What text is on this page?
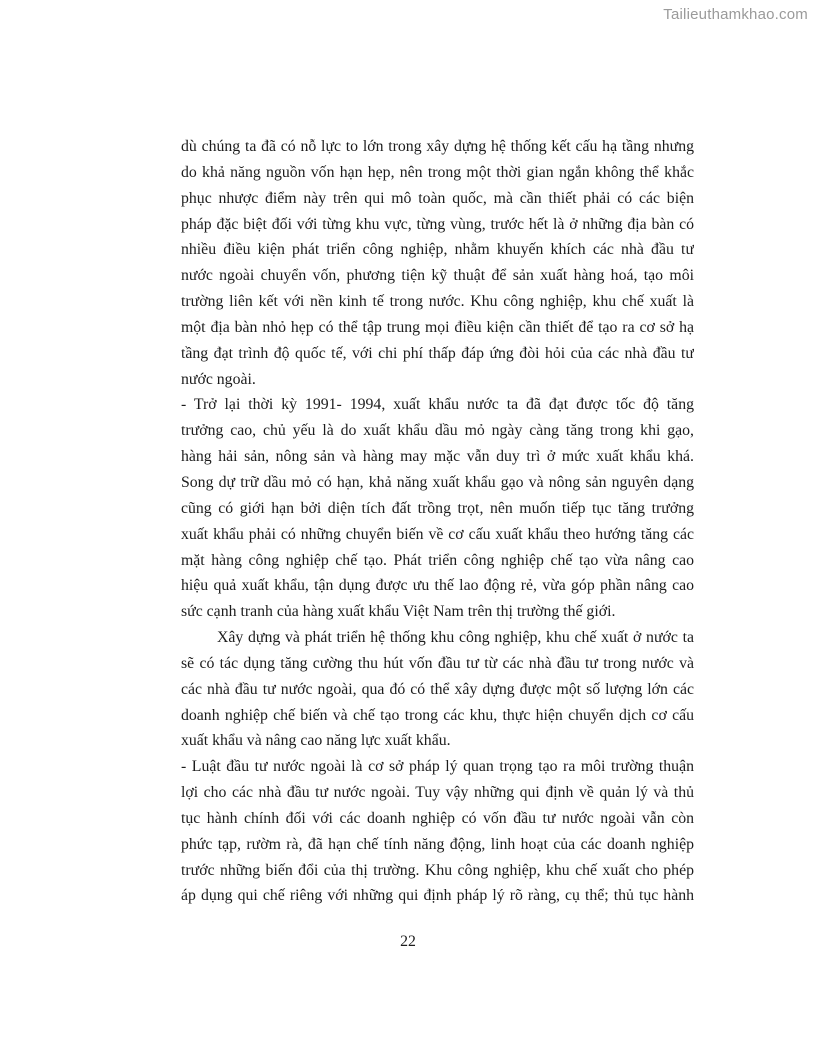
Tailieuthamkhao.com
dù chúng ta đã có nỗ lực to lớn trong xây dựng hệ thống kết cấu hạ tầng nhưng
do khả năng nguồn vốn hạn hẹp, nên trong một thời gian ngắn không thể khắc
phục nhược điểm này trên qui mô toàn quốc, mà cần thiết phải có các biện
pháp đặc biệt đối với từng khu vực, từng vùng, trước hết là ở những địa bàn có
nhiều điều kiện phát triển công nghiệp, nhằm khuyến khích các nhà đầu tư
nước ngoài chuyển vốn, phương tiện kỹ thuật để sản xuất hàng hoá, tạo môi
trường liên kết với nền kinh tế trong nước. Khu công nghiệp, khu chế xuất là
một địa bàn nhỏ hẹp có thể tập trung mọi điều kiện cần thiết để tạo ra cơ sở hạ
tầng đạt trình độ quốc tế, với chi phí thấp đáp ứng đòi hỏi của các nhà đầu tư
nước ngoài.
- Trở lại thời kỳ 1991- 1994, xuất khẩu nước ta đã đạt được tốc độ tăng
trưởng cao, chủ yếu là do xuất khẩu dầu mỏ ngày càng tăng trong khi gạo,
hàng hải sản, nông sản và hàng may mặc vẫn duy trì ở mức xuất khẩu khá.
Song dự trữ dầu mỏ có hạn, khả năng xuất khẩu gạo và nông sản nguyên dạng
cũng có giới hạn bởi diện tích đất trồng trọt, nên muốn tiếp tục tăng trưởng
xuất khẩu phải có những chuyển biến về cơ cấu xuất khẩu theo hướng tăng các
mặt hàng công nghiệp chế tạo. Phát triển công nghiệp chế tạo vừa nâng cao
hiệu quả xuất khẩu, tận dụng được ưu thế lao động rẻ, vừa góp phần nâng cao
sức cạnh tranh của hàng xuất khẩu Việt Nam trên thị trường thế giới.
Xây dựng và phát triển hệ thống khu công nghiệp, khu chế xuất ở nước ta
sẽ có tác dụng tăng cường thu hút vốn đầu tư từ các nhà đầu tư trong nước và
các nhà đầu tư nước ngoài, qua đó có thể xây dựng được một số lượng lớn các
doanh nghiệp chế biến và chế tạo trong các khu, thực hiện chuyển dịch cơ cấu
xuất khẩu và nâng cao năng lực xuất khẩu.
- Luật đầu tư nước ngoài là cơ sở pháp lý quan trọng tạo ra môi trường thuận
lợi cho các nhà đầu tư nước ngoài. Tuy vậy những qui định về quản lý và thủ
tục hành chính đối với các doanh nghiệp có vốn đầu tư nước ngoài vẫn còn
phức tạp, rườm rà, đã hạn chế tính năng động, linh hoạt của các doanh nghiệp
trước những biến đổi của thị trường. Khu công nghiệp, khu chế xuất cho phép
áp dụng qui chế riêng với những qui định pháp lý rõ ràng, cụ thể; thủ tục hành
22
